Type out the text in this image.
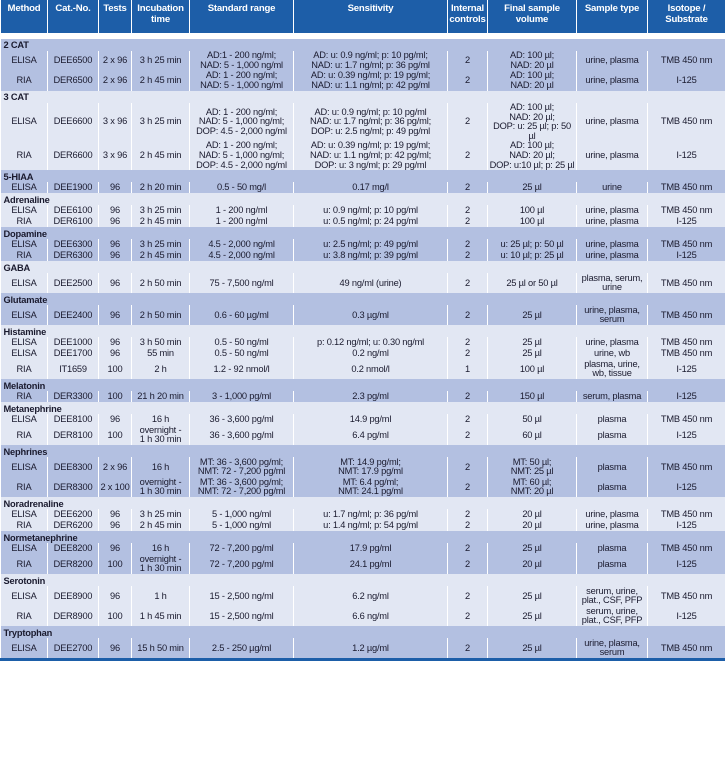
Method	Cat.-No.	Tests	Incubation
time	Standard range	Sensitivity	Internal
controls	Final sample
volume	Sample type	Isotope /
Substrate

2 CAT									
ELISA	DEE6500	2 x 96	3 h 25 min	AD:1 - 200 ng/ml;
NAD: 5 - 1,000 ng/ml	AD: u: 0.9 ng/ml; p: 10 pg/ml;
NAD: u: 1.7 ng/ml; p: 36 pg/ml	2	AD: 100 µl;
NAD: 20 µl	urine, plasma	TMB 450 nm
RIA	DER6500	2 x 96	2 h 45 min	AD: 1 - 200 ng/ml;
NAD: 5 - 1,000 ng/ml	AD: u: 0.39 ng/ml; p: 19 pg/ml;
NAD: u: 1.1 ng/ml; p: 42 pg/ml	2	AD: 100 µl;
NAD: 20 µl	urine, plasma	I-125
3 CAT									
ELISA	DEE6600	3 x 96	3 h 25 min	AD: 1 - 200 ng/ml;
NAD: 5 - 1,000 ng/ml;
DOP: 4.5 - 2,000 ng/ml	AD: u: 0.9 ng/ml; p: 10 pg/ml
NAD: u: 1.7 ng/ml; p: 36 pg/ml;
DOP: u: 2.5 ng/ml; p: 49 pg/ml	2	AD: 100 µl;
NAD: 20 µl;
DOP: u: 25 µl; p: 50 µl	urine, plasma	TMB 450 nm
RIA	DER6600	3 x 96	2 h 45 min	AD: 1 - 200 ng/ml;
NAD: 5 - 1,000 ng/ml;
DOP: 4.5 - 2,000 ng/ml	AD: u: 0.39 ng/ml; p: 19 pg/ml;
NAD: u: 1.1 ng/ml; p: 42 pg/ml;
DOP: u: 3 ng/ml; p: 29 pg/ml	2	AD: 100 µl;
NAD: 20 µl;
DOP: u:10 µl; p: 25 µl	urine, plasma	I-125
5-HIAA									
ELISA	DEE1900	96	2 h 20 min	0.5 - 50 mg/l	0.17 mg/l	2	25 µl	urine	TMB 450 nm
Adrenaline									
ELISA	DEE6100	96	3 h 25 min	1 - 200 ng/ml	u: 0.9 ng/ml; p: 10 pg/ml	2	100 µl	urine, plasma	TMB 450 nm
RIA	DER6100	96	2 h 45 min	1 - 200 ng/ml	u: 0.5 ng/ml; p: 24 pg/ml	2	100 µl	urine, plasma	I-125
Dopamine									
ELISA	DEE6300	96	3 h 25 min	4.5 - 2,000 ng/ml	u: 2.5 ng/ml; p: 49 pg/ml	2	u: 25 µl; p: 50 µl	urine, plasma	TMB 450 nm
RIA	DER6300	96	2 h 45 min	4.5 - 2,000 ng/ml	u: 3.8 ng/ml; p: 39 pg/ml	2	u: 10 µl; p: 25 µl	urine, plasma	I-125
GABA									
ELISA	DEE2500	96	2 h 50 min	75 - 7,500 ng/ml	49 ng/ml (urine)	2	25 µl or 50 µl	plasma, serum,
urine	TMB 450 nm
Glutamate									
ELISA	DEE2400	96	2 h 50 min	0.6 - 60 µg/ml	0.3 µg/ml	2	25 µl	urine, plasma,
serum	TMB 450 nm
Histamine									
ELISA	DEE1000	96	3 h 50 min	0.5 - 50 ng/ml	p: 0.12 ng/ml; u: 0.30 ng/ml	2	25 µl	urine, plasma	TMB 450 nm
ELISA	DEE1700	96	55 min	0.5 - 50 ng/ml	0.2 ng/ml	2	25 µl	urine, wb	TMB 450 nm
RIA	IT1659	100	2 h	1.2 - 92 nmol/l	0.2 nmol/l	1	100 µl	plasma, urine,
wb, tissue	I-125
Melatonin									
RIA	DER3300	100	21 h 20 min	3 - 1,000 pg/ml	2.3 pg/ml	2	150 µl	serum, plasma	I-125
Metanephrine									
ELISA	DEE8100	96	16 h	36 - 3,600 pg/ml	14.9 pg/ml	2	50 µl	plasma	TMB 450 nm
RIA	DER8100	100	overnight -
1 h 30 min	36 - 3,600 pg/ml	6.4 pg/ml	2	60 µl	plasma	I-125
Nephrines									
ELISA	DEE8300	2 x 96	16 h	MT: 36 - 3,600 pg/ml;
NMT: 72 - 7,200 pg/ml	MT: 14.9 pg/ml;
NMT: 17.9 pg/ml	2	MT: 50 µl;
NMT: 25 µl	plasma	TMB 450 nm
RIA	DER8300	2 x 100	overnight -
1 h 30 min	MT: 36 - 3,600 pg/ml;
NMT: 72 - 7,200 pg/ml	MT: 6.4 pg/ml;
NMT: 24.1 pg/ml	2	MT: 60 µl;
NMT: 20 µl	plasma	I-125
Noradrenaline									
ELISA	DEE6200	96	3 h 25 min	5 - 1,000 ng/ml	u: 1.7 ng/ml; p: 36 pg/ml	2	20 µl	urine, plasma	TMB 450 nm
RIA	DER6200	96	2 h 45 min	5 - 1,000 ng/ml	u: 1.4 ng/ml; p: 54 pg/ml	2	20 µl	urine, plasma	I-125
Normetanephrine									
ELISA	DEE8200	96	16 h	72 - 7,200 pg/ml	17.9 pg/ml	2	25 µl	plasma	TMB 450 nm
RIA	DER8200	100	overnight -
1 h 30 min	72 - 7,200 pg/ml	24.1 pg/ml	2	20 µl	plasma	I-125
Serotonin									
ELISA	DEE8900	96	1 h	15 - 2,500 ng/ml	6.2 ng/ml	2	25 µl	serum, urine,
plat., CSF, PFP	TMB 450 nm
RIA	DER8900	100	1 h 45 min	15 - 2,500 ng/ml	6.6 ng/ml	2	25 µl	serum, urine,
plat., CSF, PFP	I-125
Tryptophan									
ELISA	DEE2700	96	15 h 50 min	2.5 - 250 µg/ml	1.2 µg/ml	2	25 µl	urine, plasma,
serum	TMB 450 nm
